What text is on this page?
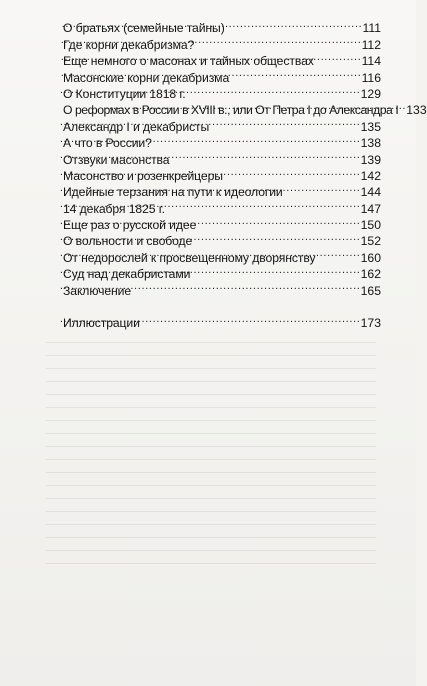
О братьях (семейные тайны) . . .	111
Где корни декабризма? . . .	112
Еще немного о масонах и тайных обществах . . .	114
Масонские корни декабризма . . .	116
О Конституции 1818 г. . . .	129
О реформах в России в XVIII в., или От Петра I до Александра I . . . 133
Александр I и декабристы . . .	135
А что в России? . . .	138
Отзвуки масонства . . .	139
Масонство и розенкрейцеры . . .	142
Идейные терзания на пути к идеологии . . .	144
14 декабря 1825 г. . . .	147
Еще раз о русской идее . . .	150
О вольности и свободе . . .	152
От недорослей к просвещенному дворянству . . .	160
Суд над декабристами . . .	162
Заключение . . .	165
Иллюстрации . . .	173
